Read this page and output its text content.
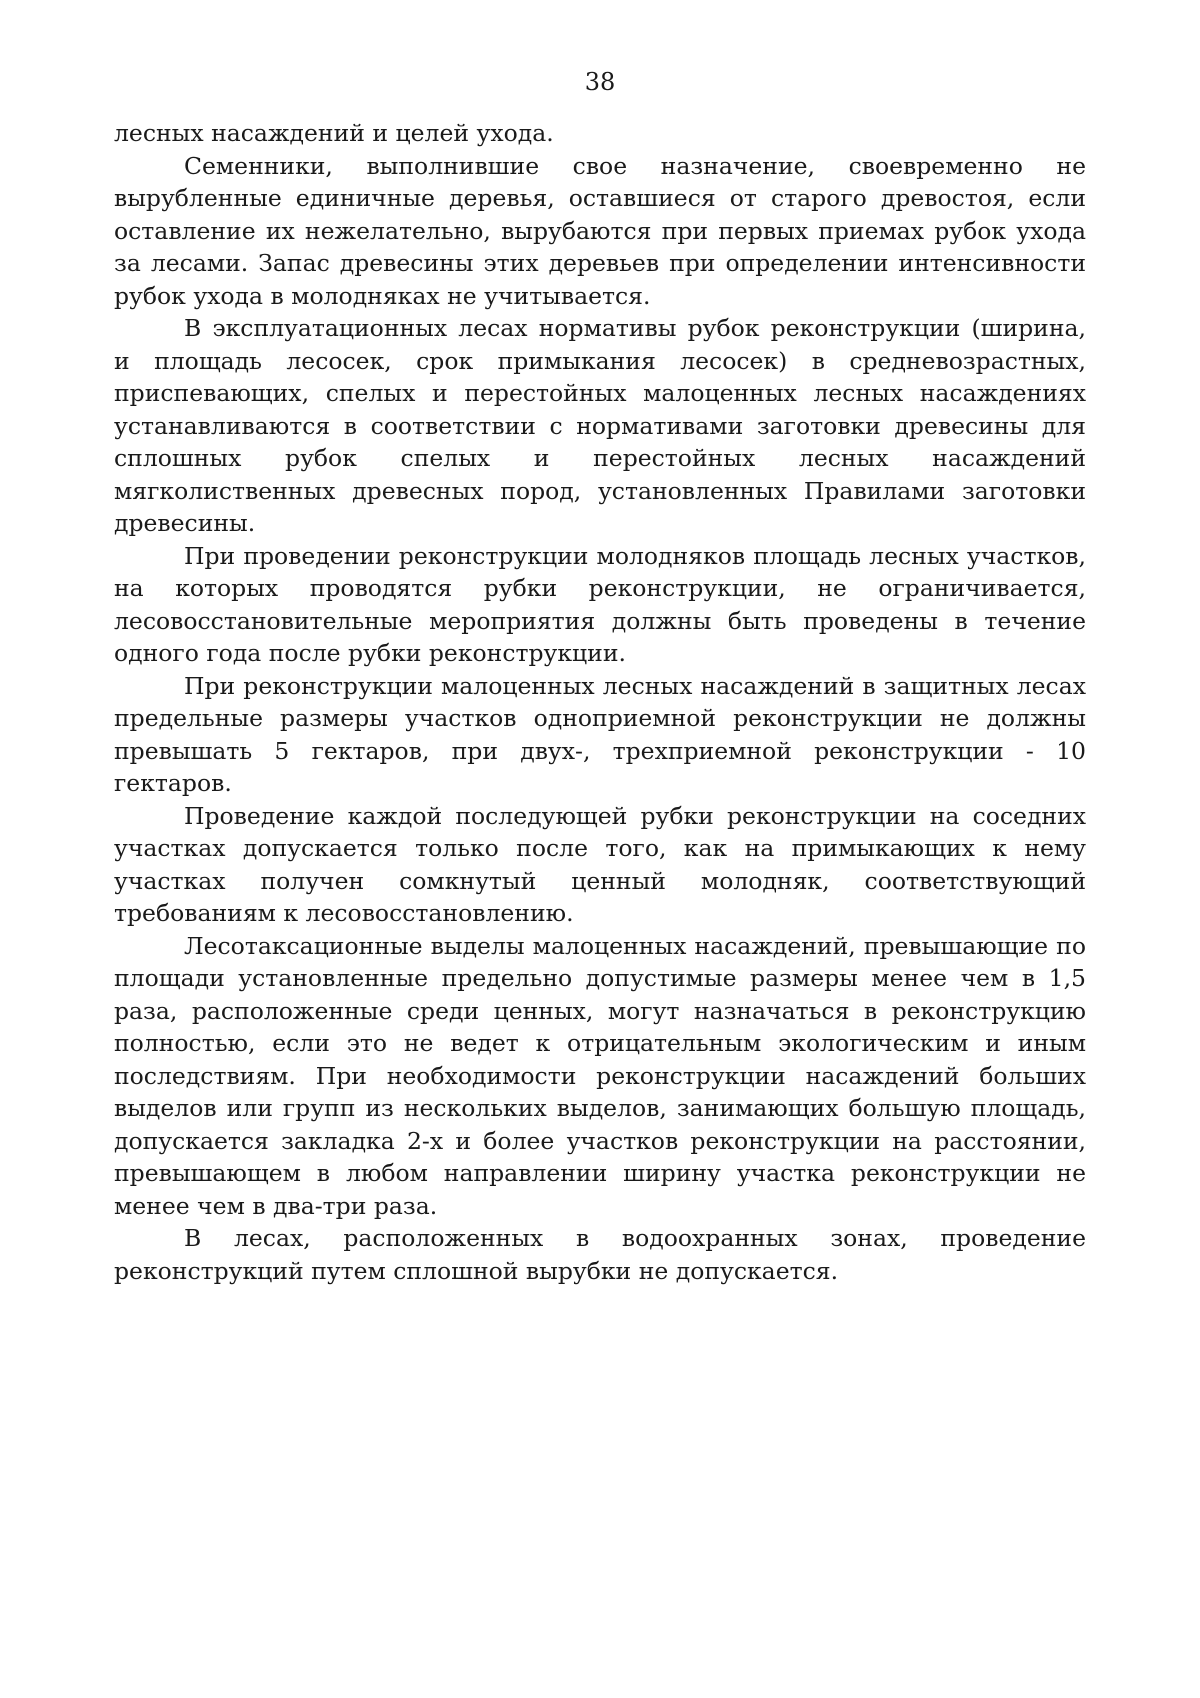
38

лесных насаждений и целей ухода.

Семенники, выполнившие свое назначение, своевременно не вырубленные единичные деревья, оставшиеся от старого древостоя, если оставление их нежелательно, вырубаются при первых приемах рубок ухода за лесами. Запас древесины этих деревьев при определении интенсивности рубок ухода в молодняках не учитывается.

В эксплуатационных лесах нормативы рубок реконструкции (ширина, и площадь лесосек, срок примыкания лесосек) в средневозрастных, приспевающих, спелых и перестойных малоценных лесных насаждениях устанавливаются в соответствии с нормативами заготовки древесины для сплошных рубок спелых и перестойных лесных насаждений мягколиственных древесных пород, установленных Правилами заготовки древесины.

При проведении реконструкции молодняков площадь лесных участков, на которых проводятся рубки реконструкции, не ограничивается, лесовосстановительные мероприятия должны быть проведены в течение одного года после рубки реконструкции.

При реконструкции малоценных лесных насаждений в защитных лесах предельные размеры участков одноприемной реконструкции не должны превышать 5 гектаров, при двух-, трехприемной реконструкции - 10 гектаров.

Проведение каждой последующей рубки реконструкции на соседних участках допускается только после того, как на примыкающих к нему участках получен сомкнутый ценный молодняк, соответствующий требованиям к лесовосстановлению.

Лесотаксационные выделы малоценных насаждений, превышающие по площади установленные предельно допустимые размеры менее чем в 1,5 раза, расположенные среди ценных, могут назначаться в реконструкцию полностью, если это не ведет к отрицательным экологическим и иным последствиям. При необходимости реконструкции насаждений больших выделов или групп из нескольких выделов, занимающих большую площадь, допускается закладка 2-х и более участков реконструкции на расстоянии, превышающем в любом направлении ширину участка реконструкции не менее чем в два-три раза.

В лесах, расположенных в водоохранных зонах, проведение реконструкций путем сплошной вырубки не допускается.
